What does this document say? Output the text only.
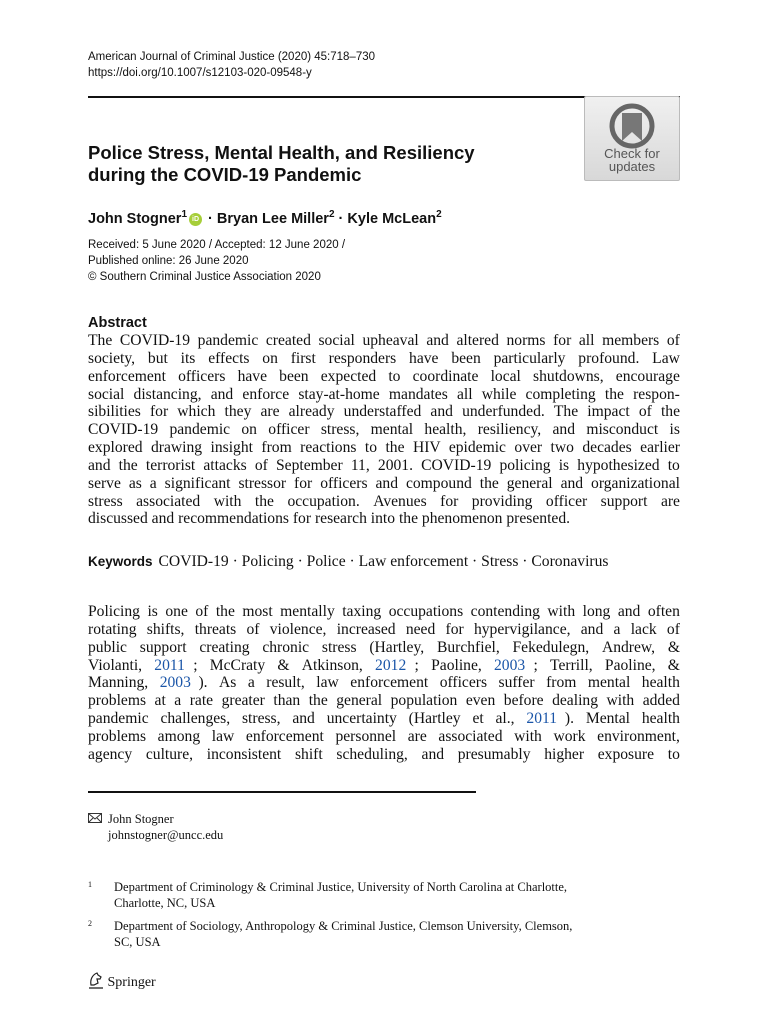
American Journal of Criminal Justice (2020) 45:718–730
https://doi.org/10.1007/s12103-020-09548-y
Check for
updates
Police Stress, Mental Health, and Resiliency
during the COVID-19 Pandemic
John Stogner$^1$ iD · Bryan Lee Miller$^2$ · Kyle McLean$^2$
Received: 5 June 2020 / Accepted: 12 June 2020 /
Published online: 26 June 2020
© Southern Criminal Justice Association 2020
Abstract
The COVID-19 pandemic created social upheaval and altered norms for all members of
society, but its effects on first responders have been particularly profound. Law
enforcement officers have been expected to coordinate local shutdowns, encourage
social distancing, and enforce stay-at-home mandates all while completing the respon-
sibilities for which they are already understaffed and underfunded. The impact of the
COVID-19 pandemic on officer stress, mental health, resiliency, and misconduct is
explored drawing insight from reactions to the HIV epidemic over two decades earlier
and the terrorist attacks of September 11, 2001. COVID-19 policing is hypothesized to
serve as a significant stressor for officers and compound the general and organizational
stress associated with the occupation. Avenues for providing officer support are
discussed and recommendations for research into the phenomenon presented.
Keywords COVID-19 · Policing · Police · Law enforcement · Stress · Coronavirus
Policing is one of the most mentally taxing occupations contending with long and often
rotating shifts, threats of violence, increased need for hypervigilance, and a lack of
public support creating chronic stress (Hartley, Burchfiel, Fekedulegn, Andrew, &
Violanti, 2011 ; McCraty & Atkinson, 2012 ; Paoline, 2003 ; Terrill, Paoline, &
Manning, 2003 ). As a result, law enforcement officers suffer from mental health
problems at a rate greater than the general population even before dealing with added
pandemic challenges, stress, and uncertainty (Hartley et al., 2011 ). Mental health
problems among law enforcement personnel are associated with work environment,
agency culture, inconsistent shift scheduling, and presumably higher exposure to
John Stogner
johnstogner@uncc.edu
1	Department of Criminology & Criminal Justice, University of North Carolina at Charlotte,
Charlotte, NC, USA
2	Department of Sociology, Anthropology & Criminal Justice, Clemson University, Clemson,
SC, USA
Springer
